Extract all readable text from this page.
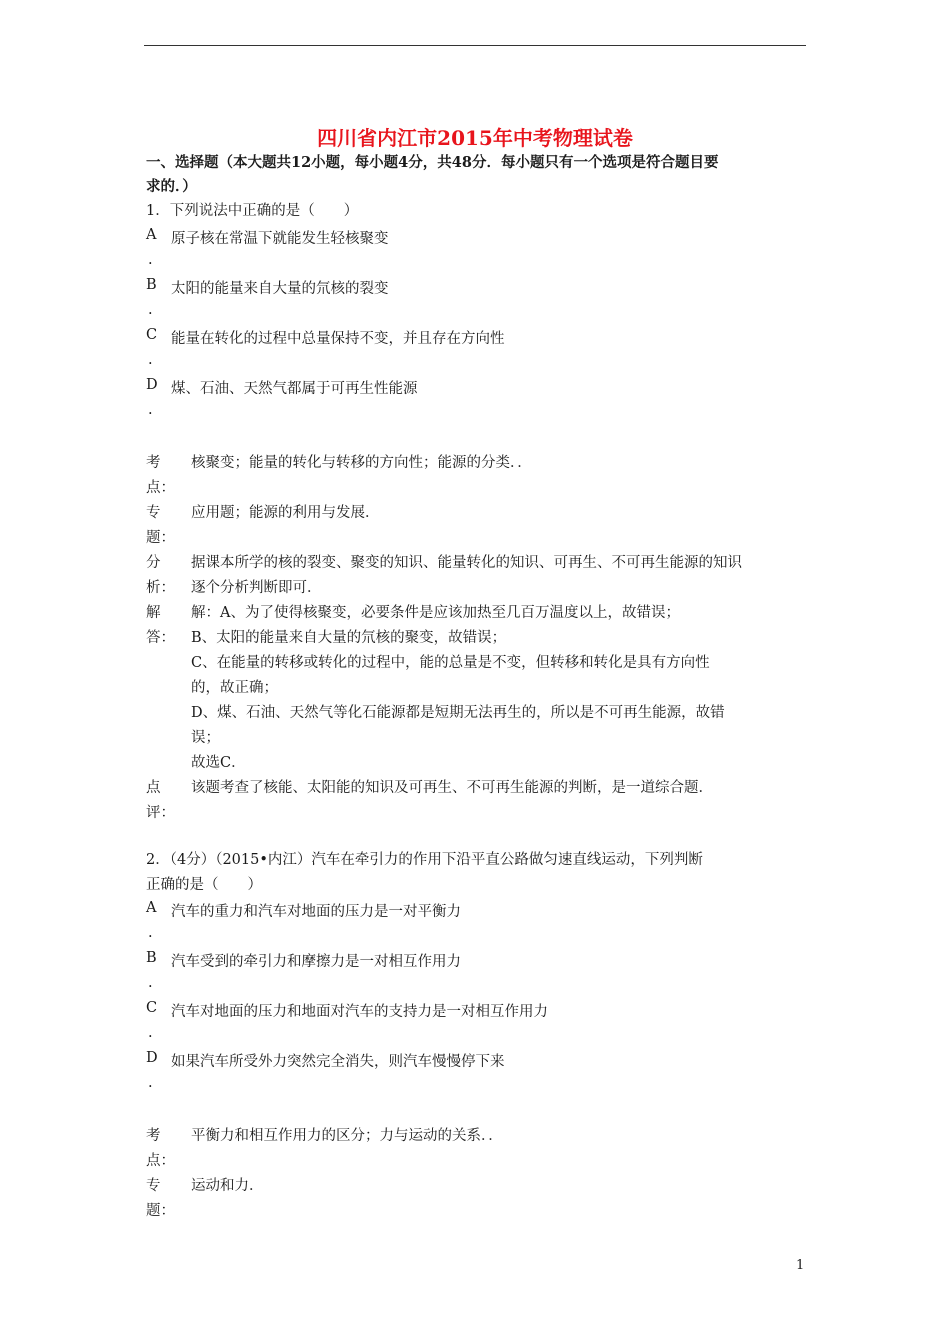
四川省内江市2015年中考物理试卷
一、选择题（本大题共12小题，每小题4分，共48分．每小题只有一个选项是符合题目要
求的．）
1．下列说法中正确的是（　　）
A 原子核在常温下就能发生轻核聚变
.
B 太阳的能量来自大量的氘核的裂变
.
C 能量在转化的过程中总量保持不变，并且存在方向性
.
D 煤、石油、天然气都属于可再生性能源
.
考
点：
核聚变；能量的转化与转移的方向性；能源的分类．．
专
题：
应用题；能源的利用与发展．
分
析：
据课本所学的核的裂变、聚变的知识、能量转化的知识、可再生、不可再生能源的知识
逐个分析判断即可．
解
答：
解：A、为了使得核聚变，必要条件是应该加热至几百万温度以上，故错误；
B、太阳的能量来自大量的氘核的聚变，故错误；
C、在能量的转移或转化的过程中，能的总量是不变，但转移和转化是具有方向性
的，故正确；
D、煤、石油、天然气等化石能源都是短期无法再生的，所以是不可再生能源，故错
误；
故选C．
点
评：
该题考查了核能、太阳能的知识及可再生、不可再生能源的判断，是一道综合题．
2．（4分）（2015•内江）汽车在牵引力的作用下沿平直公路做匀速直线运动，下列判断
正确的是（　　）
A 汽车的重力和汽车对地面的压力是一对平衡力
.
B 汽车受到的牵引力和摩擦力是一对相互作用力
.
C 汽车对地面的压力和地面对汽车的支持力是一对相互作用力
.
D 如果汽车所受外力突然完全消失，则汽车慢慢停下来
.
考
点：
平衡力和相互作用力的区分；力与运动的关系．．
专
题：
运动和力．
1
